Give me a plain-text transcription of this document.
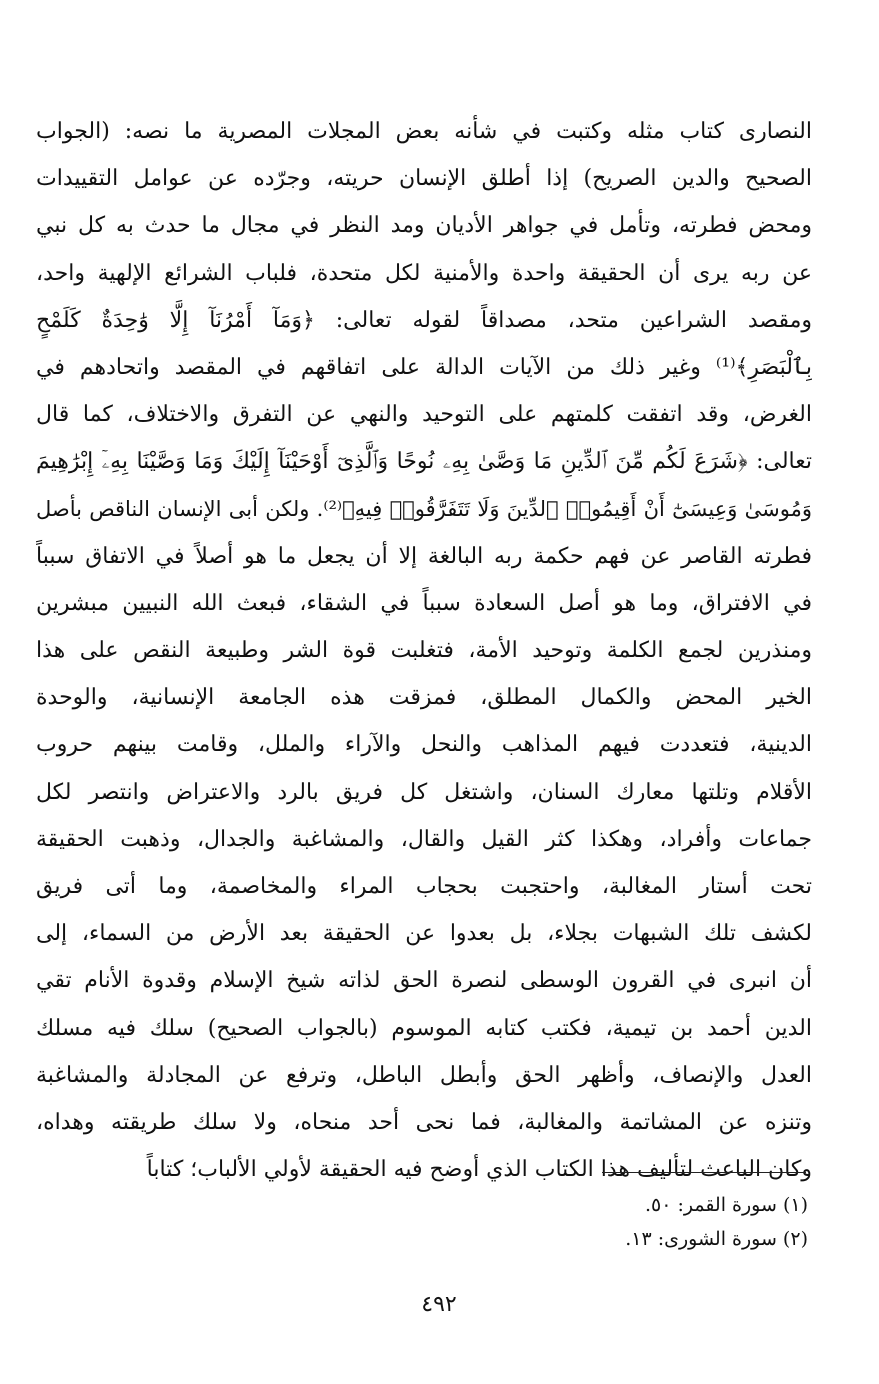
النصارى كتاب مثله وكتبت في شأنه بعض المجلات المصرية ما نصه: (الجواب
الصحيح والدين الصريح) إذا أطلق الإنسان حريته، وجرّده عن عوامل التقييدات
ومحض فطرته، وتأمل في جواهر الأديان ومد النظر في مجال ما حدث به كل نبي
عن ربه يرى أن الحقيقة واحدة والأمنية لكل متحدة، فلباب الشرائع الإلهية واحد،
ومقصد الشراعين متحد، مصداقاً لقوله تعالى: ﴿وَمَآ أَمْرُنَآ إِلَّا وَٰحِدَةٌ كَلَمْحٍ
بِٱلْبَصَرِ﴾⁽¹⁾ وغير ذلك من الآيات الدالة على اتفاقهم في المقصد واتحادهم في
الغرض، وقد اتفقت كلمتهم على التوحيد والنهي عن التفرق والاختلاف، كما قال
تعالى: ﴿شَرَعَ لَكُم مِّنَ ٱلدِّينِ مَا وَصَّىٰ بِهِۦ نُوحًا وَٱلَّذِىٓ أَوْحَيْنَآ إِلَيْكَ وَمَا وَصَّيْنَا بِهِۦٓ إِبْرَٰهِيمَ
وَمُوسَىٰ وَعِيسَىٰٓ أَنْ أَقِيمُوا۟ ٱلدِّينَ وَلَا تَتَفَرَّقُوا۟ فِيهِ﴾⁽²⁾. ولكن أبى الإنسان الناقص بأصل
فطرته القاصر عن فهم حكمة ربه البالغة إلا أن يجعل ما هو أصلاً في الاتفاق سبباً
في الافتراق، وما هو أصل السعادة سبباً في الشقاء، فبعث الله النبيين مبشرين
ومنذرين لجمع الكلمة وتوحيد الأمة، فتغلبت قوة الشر وطبيعة النقص على هذا
الخير المحض والكمال المطلق، فمزقت هذه الجامعة الإنسانية، والوحدة
الدينية، فتعددت فيهم المذاهب والنحل والآراء والملل، وقامت بينهم حروب
الأقلام وتلتها معارك السنان، واشتغل كل فريق بالرد والاعتراض وانتصر لكل
جماعات وأفراد، وهكذا كثر القيل والقال، والمشاغبة والجدال، وذهبت الحقيقة
تحت أستار المغالبة، واحتجبت بحجاب المراء والمخاصمة، وما أتى فريق
لكشف تلك الشبهات بجلاء، بل بعدوا عن الحقيقة بعد الأرض من السماء، إلى
أن انبرى في القرون الوسطى لنصرة الحق لذاته شيخ الإسلام وقدوة الأنام تقي
الدين أحمد بن تيمية، فكتب كتابه الموسوم (بالجواب الصحيح) سلك فيه مسلك
العدل والإنصاف، وأظهر الحق وأبطل الباطل، وترفع عن المجادلة والمشاغبة
وتنزه عن المشاتمة والمغالبة، فما نحى أحد منحاه، ولا سلك طريقته وهداه،
وكان الباعث لتأليف هذا الكتاب الذي أوضح فيه الحقيقة لأولي الألباب؛ كتاباً
(١) سورة القمر: ٥٠.
(٢) سورة الشورى: ١٣.
٤٩٢
